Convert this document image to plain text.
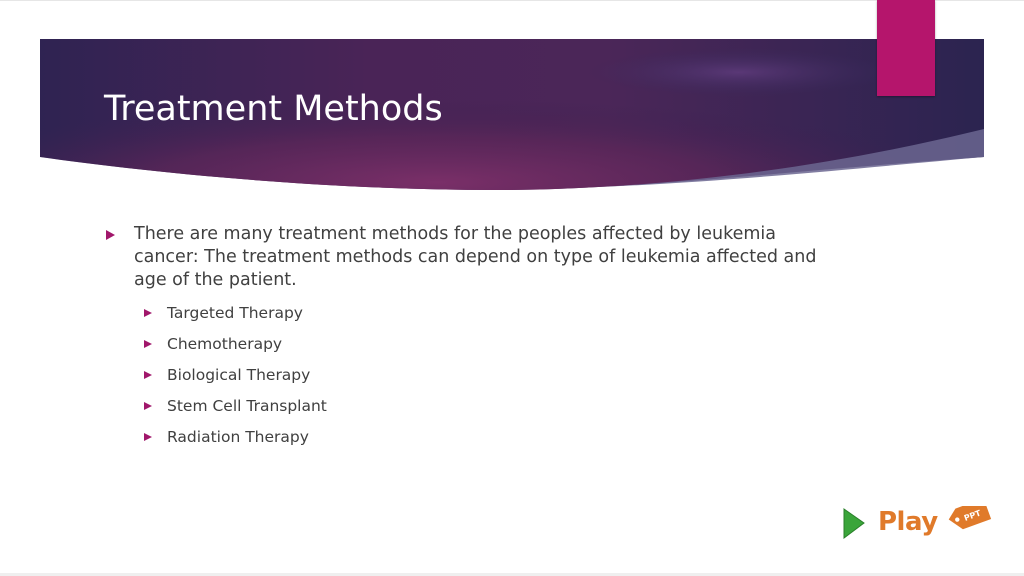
Treatment Methods
There are many treatment methods for the peoples affected by leukemia cancer: The treatment methods can depend on type of leukemia affected and age of the patient.
Targeted Therapy
Chemotherapy
Biological Therapy
Stem Cell Transplant
Radiation Therapy
PPT
Play
